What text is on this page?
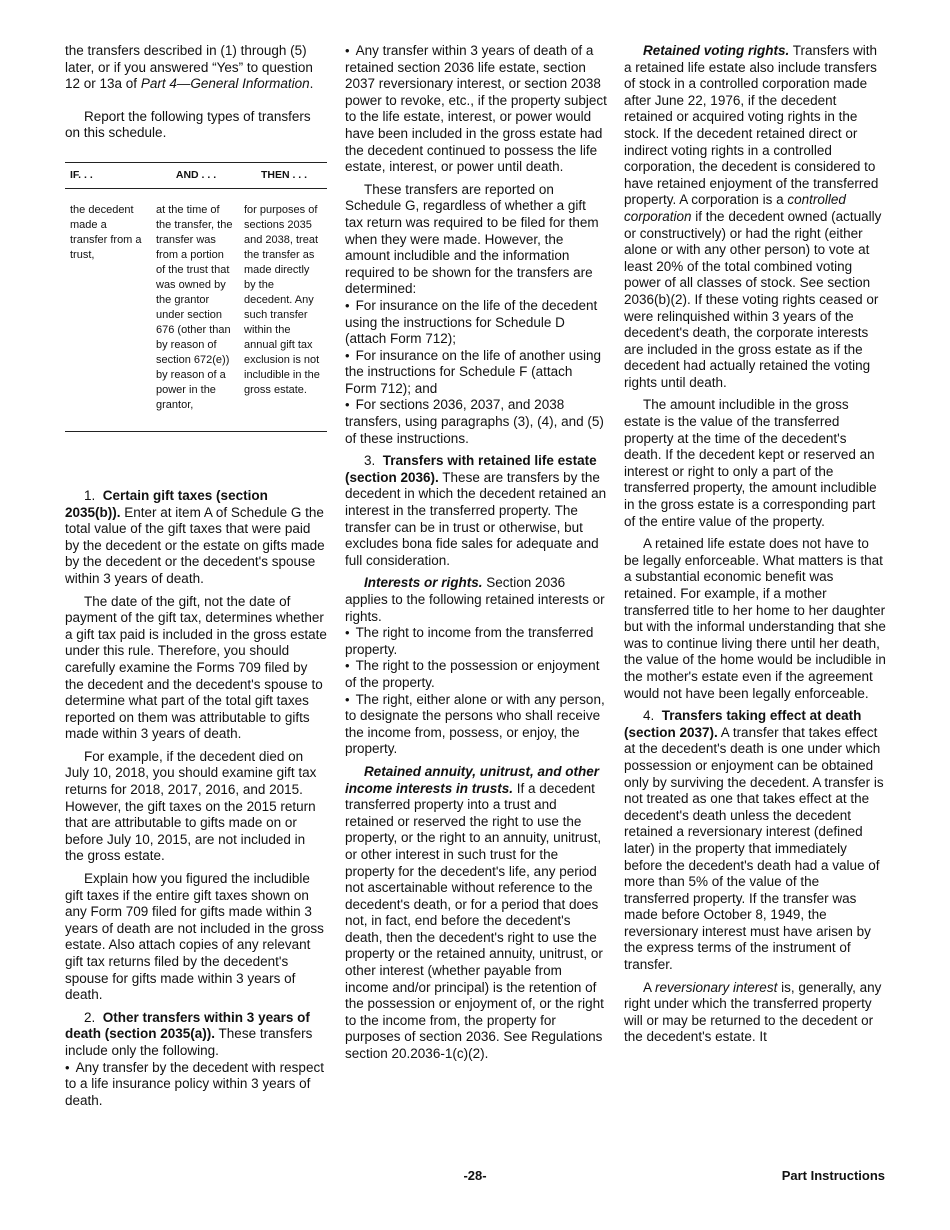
the transfers described in (1) through (5) later, or if you answered “Yes” to question 12 or 13a of Part 4—General Information.

Report the following types of transfers on this schedule.

IF. . .	AND . . .	THEN . . .
the decedent made a transfer from a trust,	at the time of the transfer, the transfer was from a portion of the trust that was owned by the grantor under section 676 (other than by reason of section 672(e)) by reason of a power in the grantor,	for purposes of sections 2035 and 2038, treat the transfer as made directly by the decedent. Any such transfer within the annual gift tax exclusion is not includible in the gross estate.

1. Certain gift taxes (section 2035(b)). Enter at item A of Schedule G the total value of the gift taxes that were paid by the decedent or the estate on gifts made by the decedent or the decedent's spouse within 3 years of death.

The date of the gift, not the date of payment of the gift tax, determines whether a gift tax paid is included in the gross estate under this rule. Therefore, you should carefully examine the Forms 709 filed by the decedent and the decedent's spouse to determine what part of the total gift taxes reported on them was attributable to gifts made within 3 years of death.

For example, if the decedent died on July 10, 2018, you should examine gift tax returns for 2018, 2017, 2016, and 2015. However, the gift taxes on the 2015 return that are attributable to gifts made on or before July 10, 2015, are not included in the gross estate.

Explain how you figured the includible gift taxes if the entire gift taxes shown on any Form 709 filed for gifts made within 3 years of death are not included in the gross estate. Also attach copies of any relevant gift tax returns filed by the decedent's spouse for gifts made within 3 years of death.

2. Other transfers within 3 years of death (section 2035(a)). These transfers include only the following.

• Any transfer by the decedent with respect to a life insurance policy within 3 years of death.

• Any transfer within 3 years of death of a retained section 2036 life estate, section 2037 reversionary interest, or section 2038 power to revoke, etc., if the property subject to the life estate, interest, or power would have been included in the gross estate had the decedent continued to possess the life estate, interest, or power until death.

These transfers are reported on Schedule G, regardless of whether a gift tax return was required to be filed for them when they were made. However, the amount includible and the information required to be shown for the transfers are determined:

• For insurance on the life of the decedent using the instructions for Schedule D (attach Form 712);

• For insurance on the life of another using the instructions for Schedule F (attach Form 712); and

• For sections 2036, 2037, and 2038 transfers, using paragraphs (3), (4), and (5) of these instructions.

3. Transfers with retained life estate (section 2036). These are transfers by the decedent in which the decedent retained an interest in the transferred property. The transfer can be in trust or otherwise, but excludes bona fide sales for adequate and full consideration.

Interests or rights. Section 2036 applies to the following retained interests or rights.

• The right to income from the transferred property.

• The right to the possession or enjoyment of the property.

• The right, either alone or with any person, to designate the persons who shall receive the income from, possess, or enjoy, the property.

Retained annuity, unitrust, and other income interests in trusts. If a decedent transferred property into a trust and retained or reserved the right to use the property, or the right to an annuity, unitrust, or other interest in such trust for the property for the decedent's life, any period not ascertainable without reference to the decedent's death, or for a period that does not, in fact, end before the decedent's death, then the decedent's right to use the property or the retained annuity, unitrust, or other interest (whether payable from income and/or principal) is the retention of the possession or enjoyment of, or the right to the income from, the property for purposes of section 2036. See Regulations section 20.2036-1(c)(2).

Retained voting rights. Transfers with a retained life estate also include transfers of stock in a controlled corporation made after June 22, 1976, if the decedent retained or acquired voting rights in the stock. If the decedent retained direct or indirect voting rights in a controlled corporation, the decedent is considered to have retained enjoyment of the transferred property. A corporation is a controlled corporation if the decedent owned (actually or constructively) or had the right (either alone or with any other person) to vote at least 20% of the total combined voting power of all classes of stock. See section 2036(b)(2). If these voting rights ceased or were relinquished within 3 years of the decedent's death, the corporate interests are included in the gross estate as if the decedent had actually retained the voting rights until death.

The amount includible in the gross estate is the value of the transferred property at the time of the decedent's death. If the decedent kept or reserved an interest or right to only a part of the transferred property, the amount includible in the gross estate is a corresponding part of the entire value of the property.

A retained life estate does not have to be legally enforceable. What matters is that a substantial economic benefit was retained. For example, if a mother transferred title to her home to her daughter but with the informal understanding that she was to continue living there until her death, the value of the home would be includible in the mother's estate even if the agreement would not have been legally enforceable.

4. Transfers taking effect at death (section 2037). A transfer that takes effect at the decedent's death is one under which possession or enjoyment can be obtained only by surviving the decedent. A transfer is not treated as one that takes effect at the decedent's death unless the decedent retained a reversionary interest (defined later) in the property that immediately before the decedent's death had a value of more than 5% of the value of the transferred property. If the transfer was made before October 8, 1949, the reversionary interest must have arisen by the express terms of the instrument of transfer.

A reversionary interest is, generally, any right under which the transferred property will or may be returned to the decedent or the decedent's estate. It

-28-	Part Instructions
